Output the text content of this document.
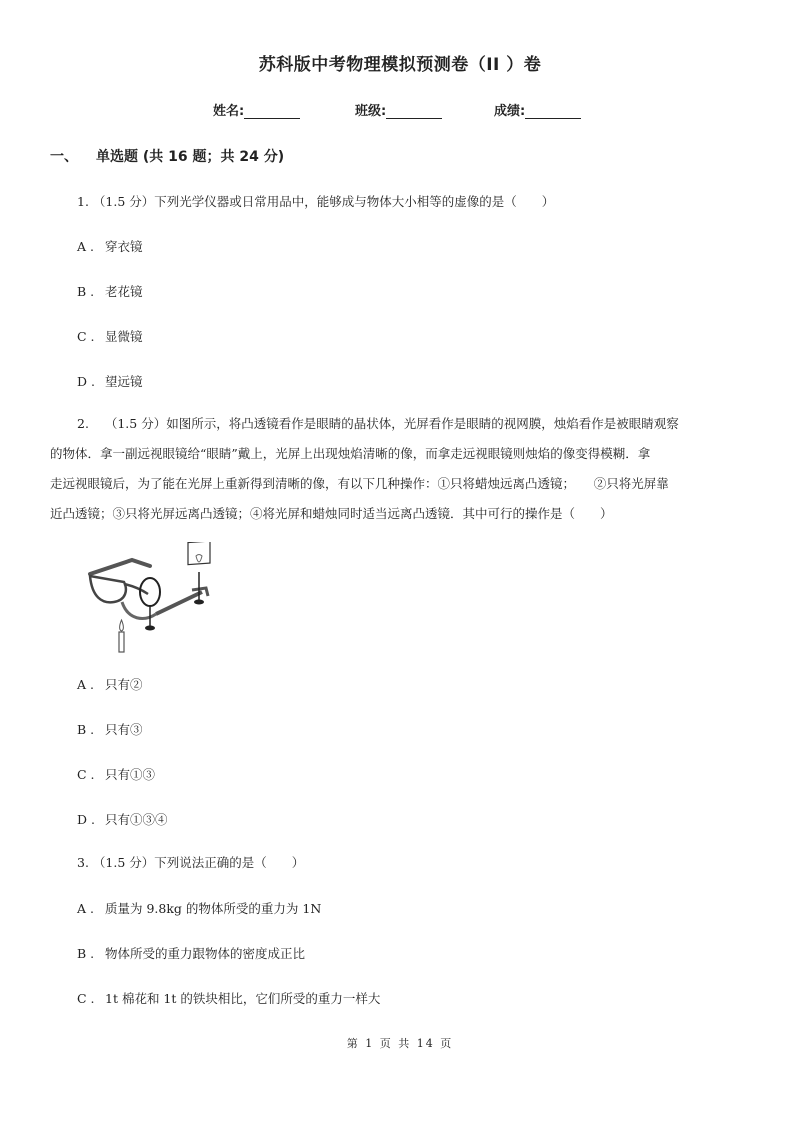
苏科版中考物理模拟预测卷（II ）卷
姓名:	班级:	成绩:
一、 单选题 (共 16 题；共 24 分)
1. （1.5 分）下列光学仪器或日常用品中，能够成与物体大小相等的虚像的是（　　）
A . 穿衣镜
B . 老花镜
C . 显微镜
D . 望远镜
2. （1.5 分）如图所示，将凸透镜看作是眼睛的晶状体，光屏看作是眼睛的视网膜，烛焰看作是被眼睛观察
的物体．拿一副远视眼镜给“眼睛”戴上，光屏上出现烛焰清晰的像，而拿走远视眼镜则烛焰的像变得模糊．拿
走远视眼镜后，为了能在光屏上重新得到清晰的像，有以下几种操作：①只将蜡烛远离凸透镜；　　②只将光屏靠
近凸透镜；③只将光屏远离凸透镜；④将光屏和蜡烛同时适当远离凸透镜．其中可行的操作是（　　）
A . 只有②
B . 只有③
C . 只有①③
D . 只有①③④
3. （1.5 分）下列说法正确的是（　　）
A . 质量为 9.8kg 的物体所受的重力为 1N
B . 物体所受的重力跟物体的密度成正比
C . 1t 棉花和 1t 的铁块相比，它们所受的重力一样大
第 1 页 共 14 页
